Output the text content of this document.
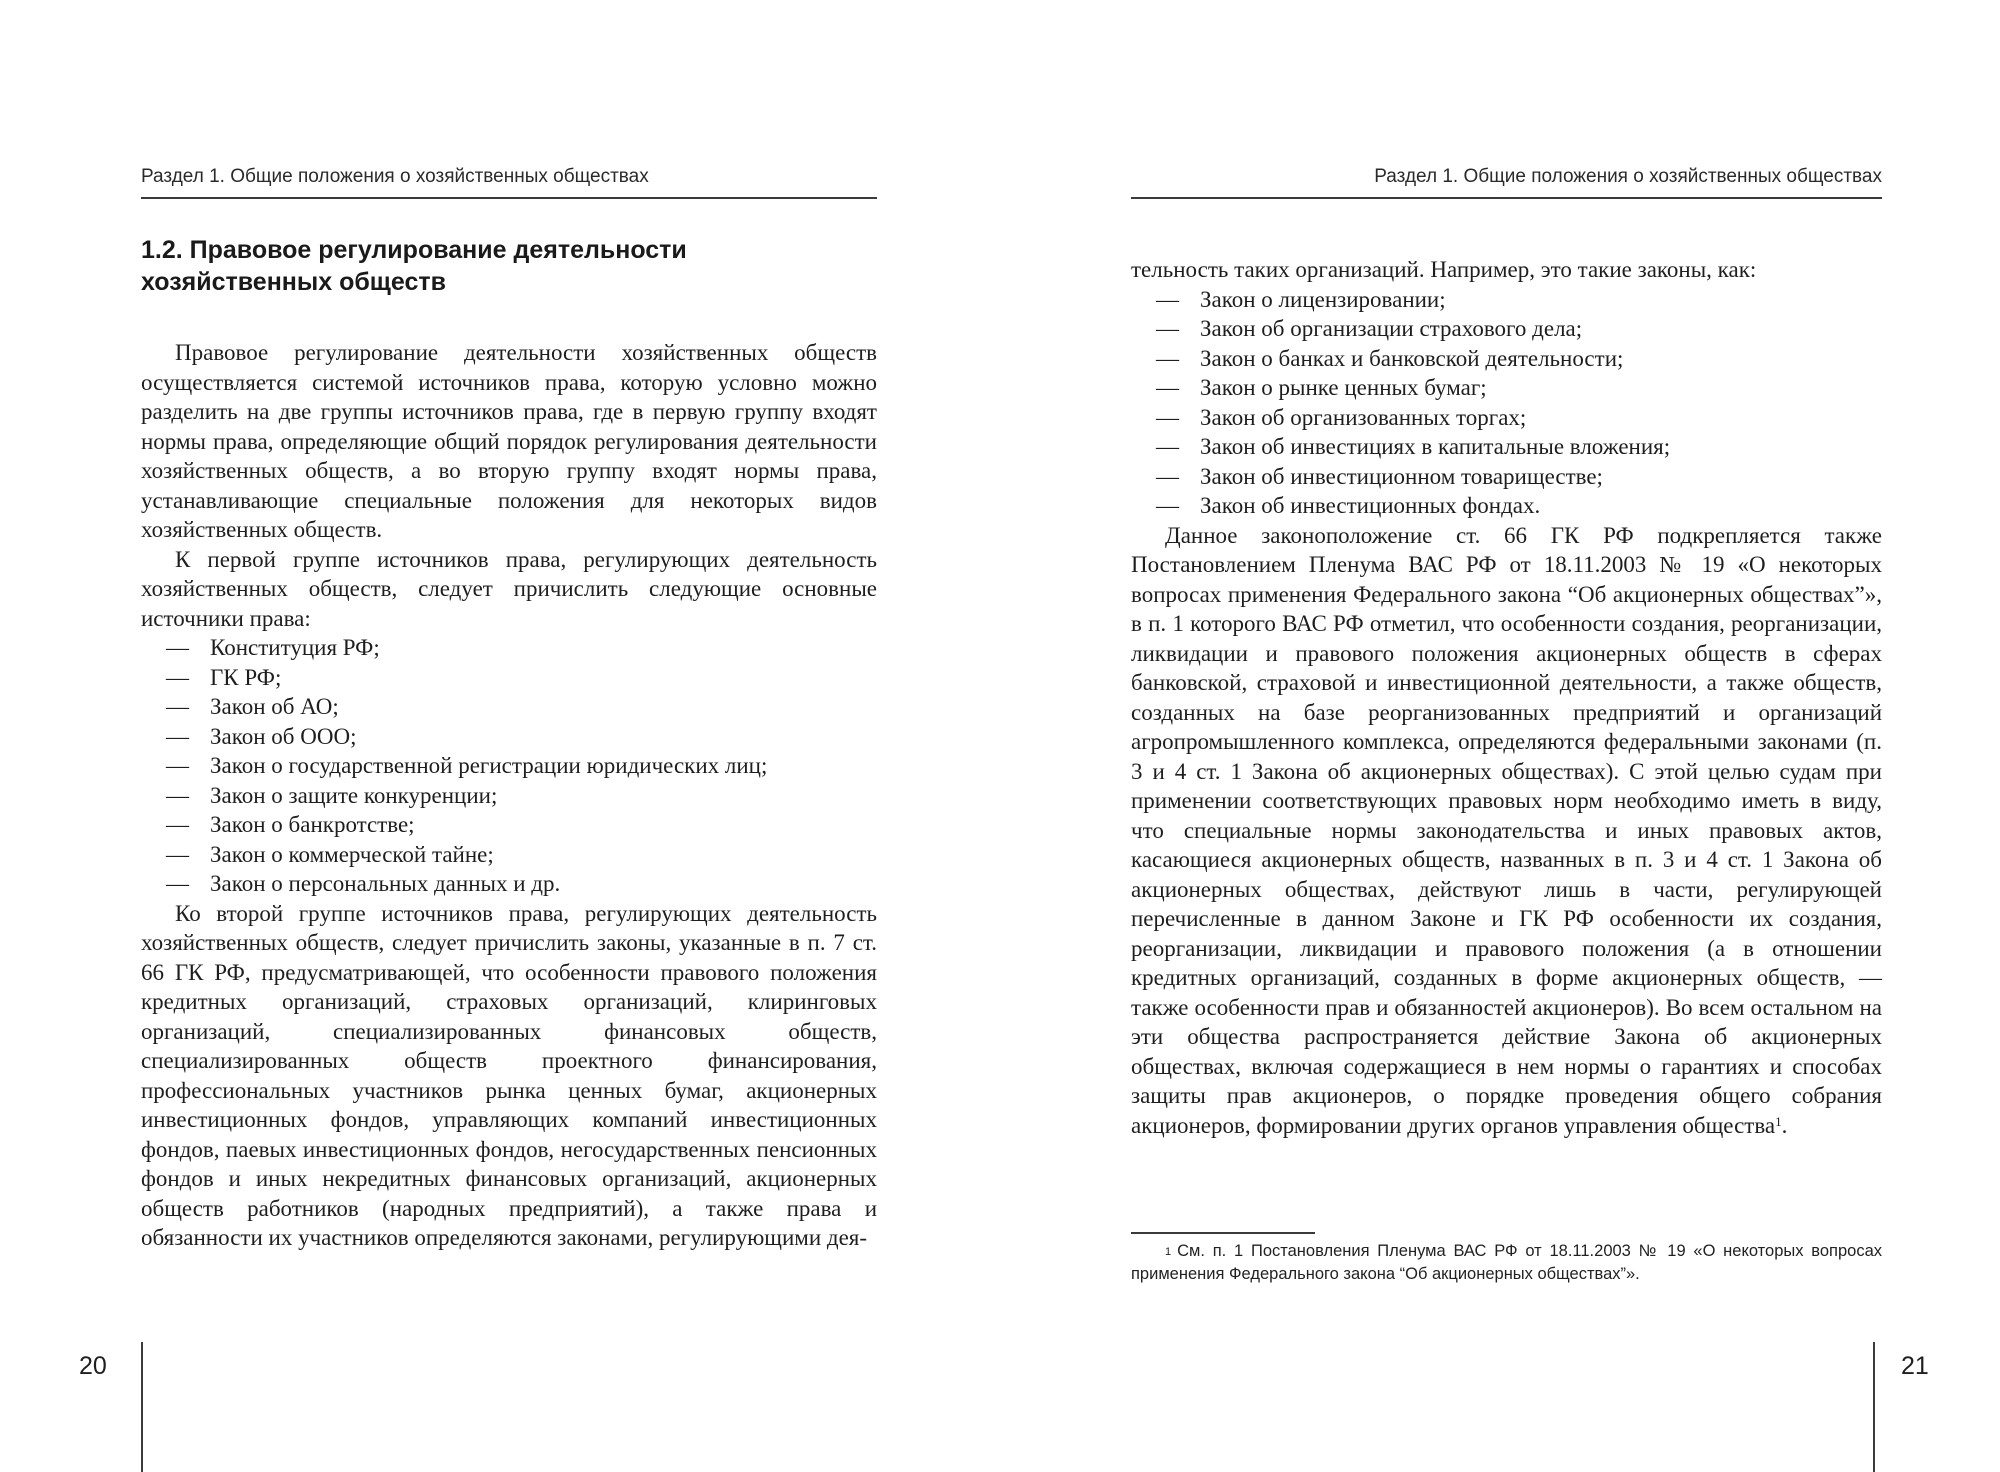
Раздел 1. Общие положения о хозяйственных обществах
1.2. Правовое регулирование деятельности
хозяйственных обществ

Правовое регулирование деятельности хозяйственных обществ осуществляется системой источников права, которую условно можно разделить на две группы источников права, где в первую группу входят нормы права, определяющие общий порядок регулирования деятельности хозяйственных обществ, а во вторую группу входят нормы права, устанавливающие специальные положения для некоторых видов хозяйственных обществ.

К первой группе источников права, регулирующих деятельность хозяйственных обществ, следует причислить следующие основные источники права:

— Конституция РФ;
— ГК РФ;
— Закон об АО;
— Закон об ООО;
— Закон о государственной регистрации юридических лиц;
— Закон о защите конкуренции;
— Закон о банкротстве;
— Закон о коммерческой тайне;
— Закон о персональных данных и др.

Ко второй группе источников права, регулирующих деятельность хозяйственных обществ, следует причислить законы, указанные в п. 7 ст. 66 ГК РФ, предусматривающей, что особенности правового положения кредитных организаций, страховых организаций, клиринговых организаций, специализированных финансовых обществ, специализированных обществ проектного финансирования, профессиональных участников рынка ценных бумаг, акционерных инвестиционных фондов, управляющих компаний инвестиционных фондов, паевых инвестиционных фондов, негосударственных пенсионных фондов и иных некредитных финансовых организаций, акционерных обществ работников (народных предприятий), а также права и обязанности их участников определяются законами, регулирующими дея-

20
Раздел 1. Общие положения о хозяйственных обществах

тельность таких организаций. Например, это такие законы, как:

— Закон о лицензировании;
— Закон об организации страхового дела;
— Закон о банках и банковской деятельности;
— Закон о рынке ценных бумаг;
— Закон об организованных торгах;
— Закон об инвестициях в капитальные вложения;
— Закон об инвестиционном товариществе;
— Закон об инвестиционных фондах.

Данное законоположение ст. 66 ГК РФ подкрепляется также Постановлением Пленума ВАС РФ от 18.11.2003 № 19 «О некоторых вопросах применения Федерального закона “Об акционерных обществах”», в п. 1 которого ВАС РФ отметил, что особенности создания, реорганизации, ликвидации и правового положения акционерных обществ в сферах банковской, страховой и инвестиционной деятельности, а также обществ, созданных на базе реорганизованных предприятий и организаций агропромышленного комплекса, определяются федеральными законами (п. 3 и 4 ст. 1 Закона об акционерных обществах). С этой целью судам при применении соответствующих правовых норм необходимо иметь в виду, что специальные нормы законодательства и иных правовых актов, касающиеся акционерных обществ, названных в п. 3 и 4 ст. 1 Закона об акционерных обществах, действуют лишь в части, регулирующей перечисленные в данном Законе и ГК РФ особенности их создания, реорганизации, ликвидации и правового положения (а в отношении кредитных организаций, созданных в форме акционерных обществ, — также особенности прав и обязанностей акционеров). Во всем остальном на эти общества распространяется действие Закона об акционерных обществах, включая содержащиеся в нем нормы о гарантиях и способах защиты прав акционеров, о порядке проведения общего собрания акционеров, формировании других органов управления общества$^1$.

$^1$ См. п. 1 Постановления Пленума ВАС РФ от 18.11.2003 № 19 «О некоторых вопросах применения Федерального закона “Об акционерных обществах”».
21
